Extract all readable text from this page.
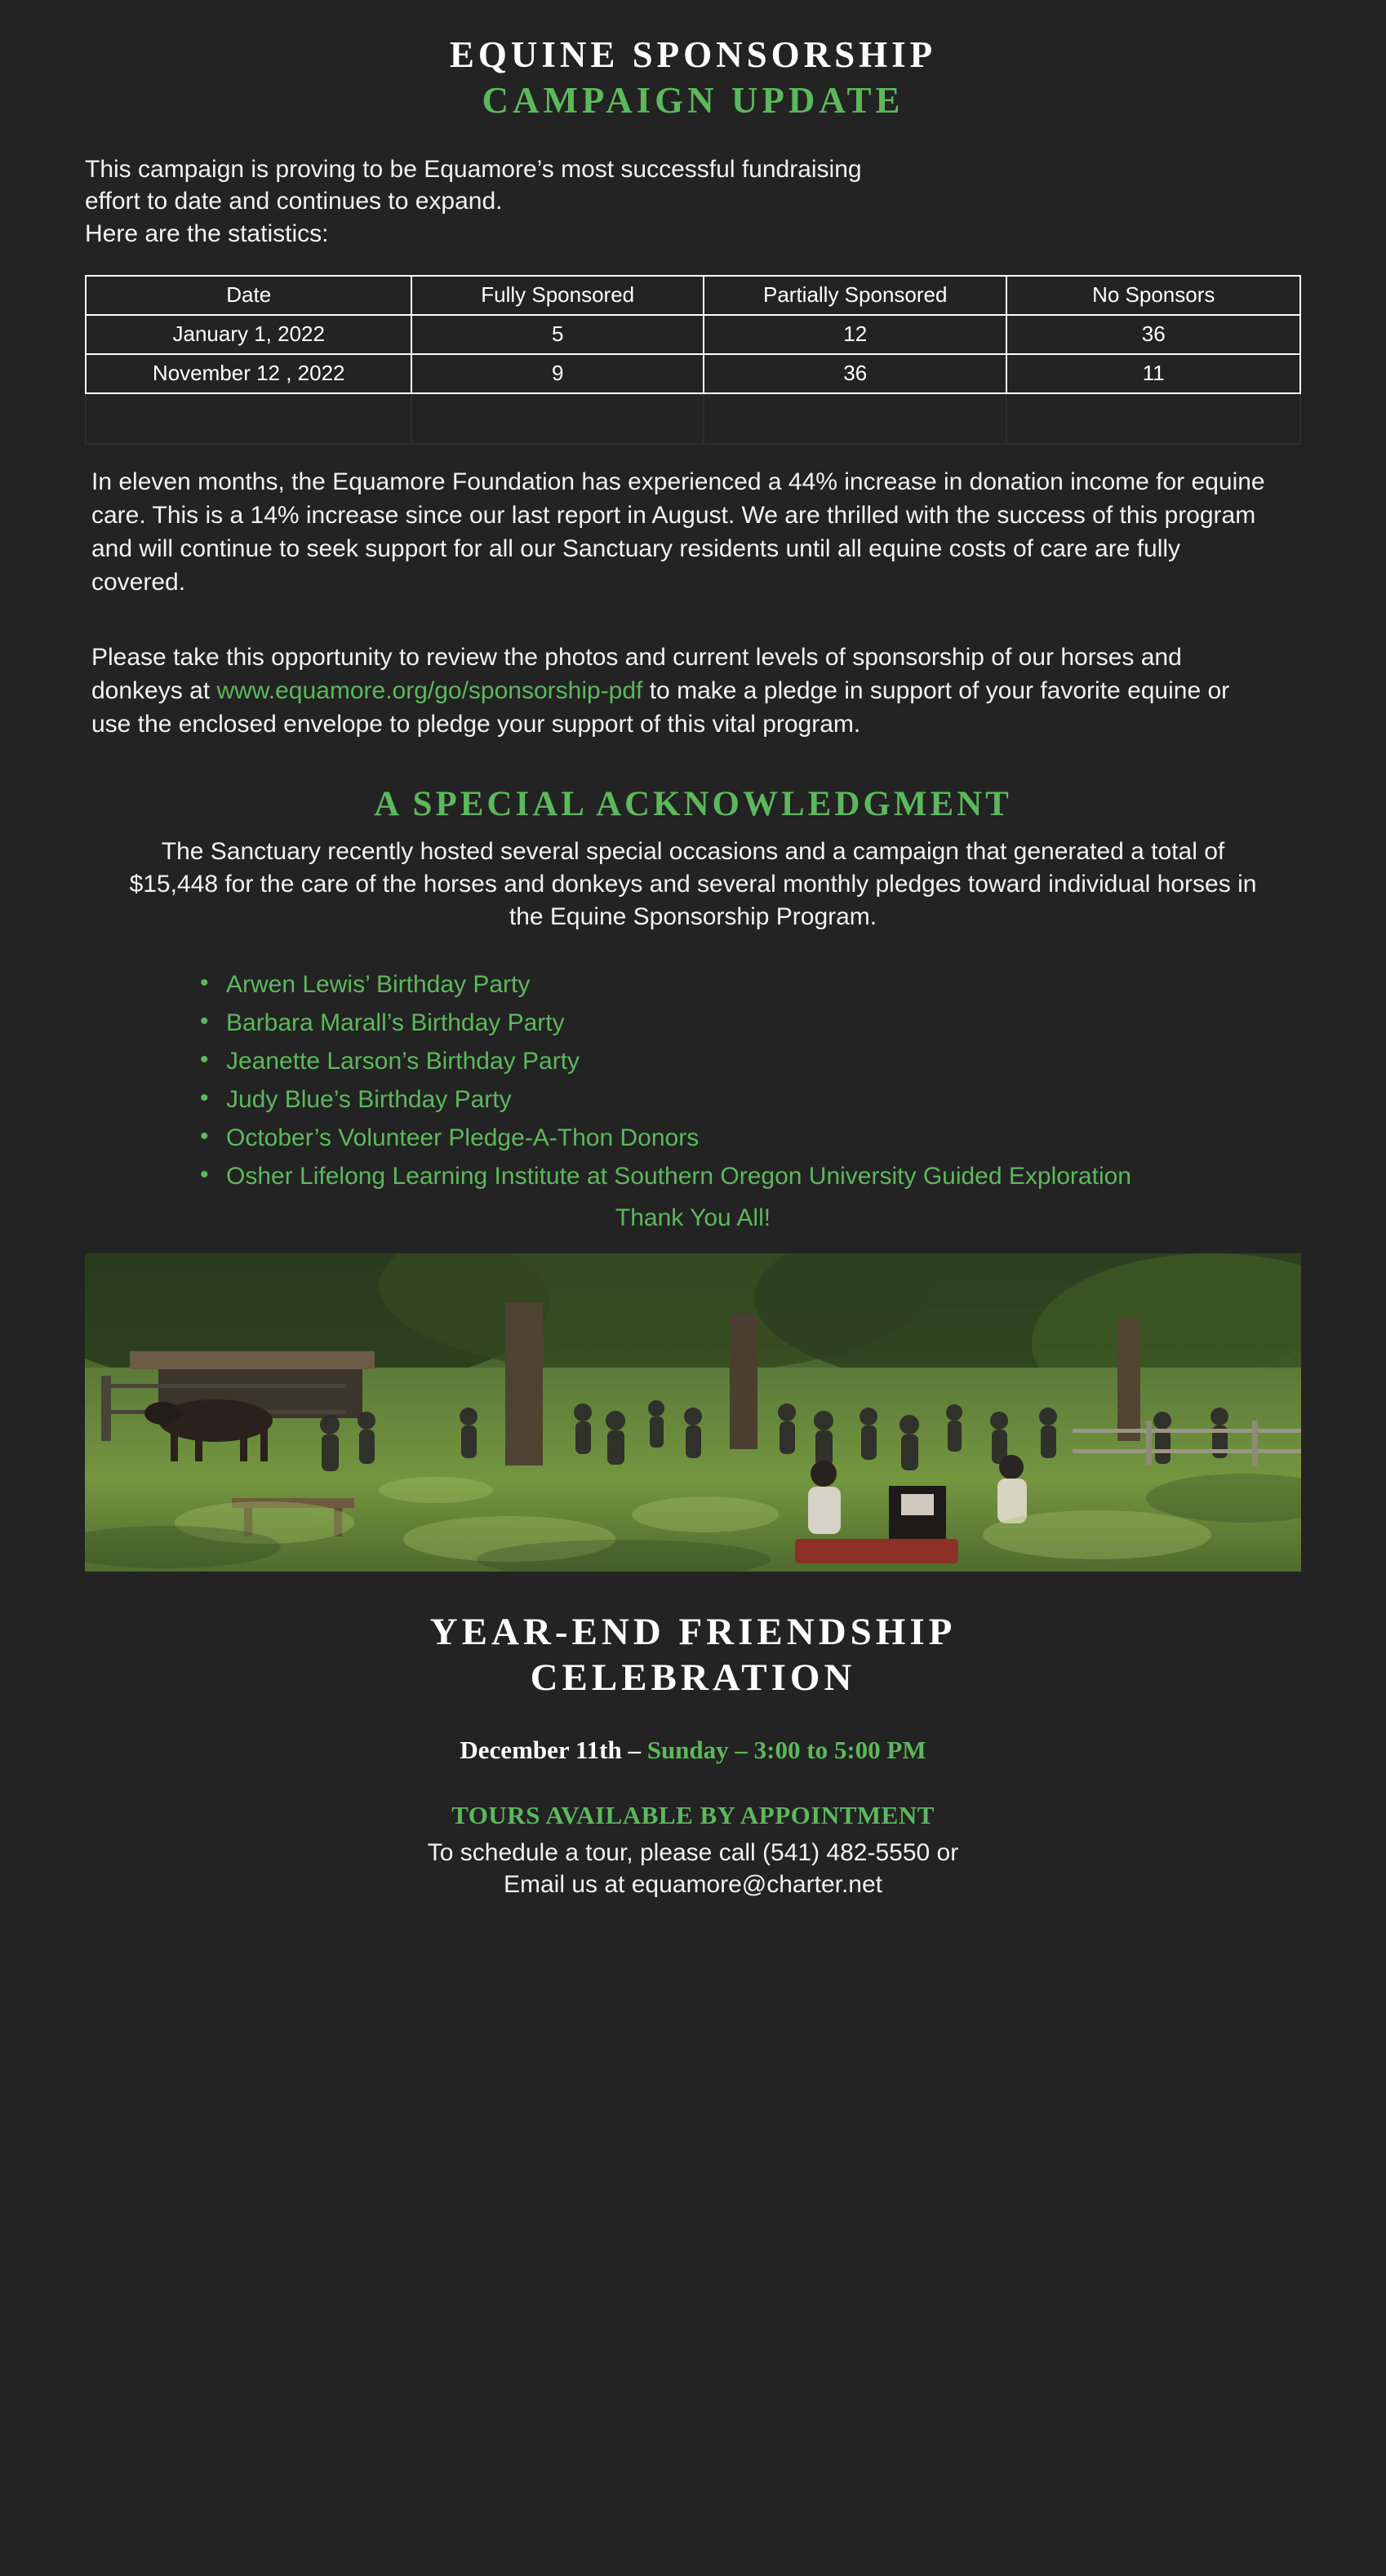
EQUINE SPONSORSHIP
CAMPAIGN UPDATE
This campaign is proving to be Equamore’s most successful fundraising
effort to date and continues to expand.
Here are the statistics:
Date	Fully Sponsored	Partially Sponsored	No Sponsors
January 1, 2022	5	12	36
November 12 , 2022	9	36	11

In eleven months, the Equamore Foundation has experienced a 44% increase in donation income for equine care. This is a 14% increase since our last report in August. We are thrilled with the success of this program and will continue to seek support for all our Sanctuary residents until all equine costs of care are fully covered.

Please take this opportunity to review the photos and current levels of sponsorship of our horses and donkeys at www.equamore.org/go/sponsorship-pdf to make a pledge in support of your favorite equine or use the enclosed envelope to pledge your support of this vital program.

A SPECIAL ACKNOWLEDGMENT

The Sanctuary recently hosted several special occasions and a campaign that generated a total of $15,448 for the care of the horses and donkeys and several monthly pledges toward individual horses in the Equine Sponsorship Program.

• Arwen Lewis’ Birthday Party
• Barbara Marall’s Birthday Party
• Jeanette Larson’s Birthday Party
• Judy Blue’s Birthday Party
• October’s Volunteer Pledge-A-Thon Donors
• Osher Lifelong Learning Institute at Southern Oregon University Guided Exploration
Thank You All!
YEAR-END FRIENDSHIP
CELEBRATION
December 11th – Sunday – 3:00 to 5:00 PM
TOURS AVAILABLE BY APPOINTMENT
To schedule a tour, please call (541) 482-5550 or
Email us at equamore@charter.net
